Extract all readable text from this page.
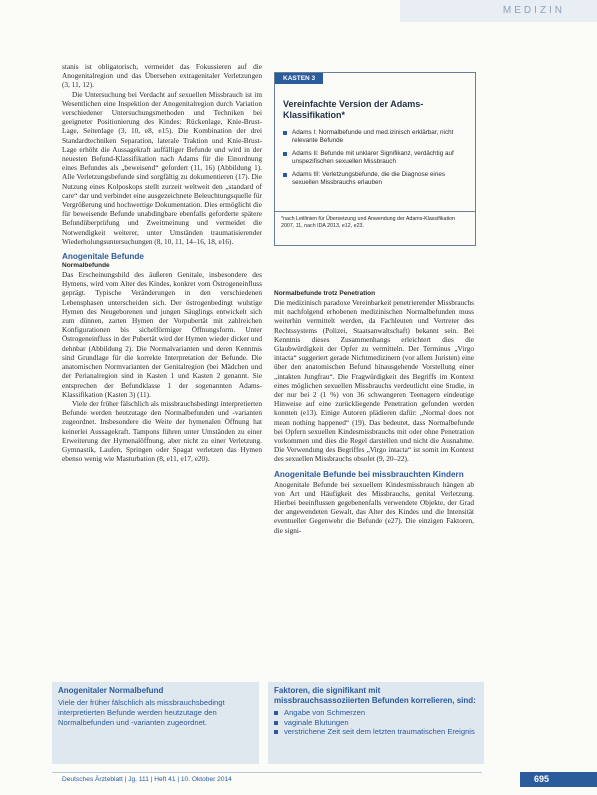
MEDIZIN

stanis ist obligatorisch, vermeidet das Fokussieren auf die Anogenitalregion und das Übersehen extragenitaler Verletzungen (3, 11, 12).

Die Untersuchung bei Verdacht auf sexuellen Missbrauch ist im Wesentlichen eine Inspektion der Anogenitalregion durch Variation verschiedener Untersuchungsmethoden und Techniken bei geeigneter Positionierung des Kindes: Rückenlage, Knie-Brust-Lage, Seitenlage (3, 10, e8, e15). Die Kombination der drei Standardtechniken Separation, laterale Traktion und Knie-Brust-Lage erhöht die Aussagekraft auffälliger Befunde und wird in der neuesten Befund-Klassifikation nach Adams für die Einordnung eines Befundes als „beweisend“ gefordert (11, 16) (Abbildung 1). Alle Verletzungsbefunde sind sorgfältig zu dokumentieren (17). Die Nutzung eines Kolposkops stellt zurzeit weltweit den „standard of care“ dar und verbindet eine ausgezeichnete Beleuchtungsquelle für Vergrößerung und hochwertige Dokumentation. Dies ermöglicht die für beweisende Befunde unabdingbare ebenfalls geforderte spätere Befundüberprüfung und Zweitmeinung und vermeidet die Notwendigkeit weiterer, unter Umständen traumatisierender Wiederholungsuntersuchungen (8, 10, 11, 14–16, 18, e16).

Anogenitale Befunde
Normalbefunde

Das Erscheinungsbild des äußeren Genitale, insbesondere des Hymens, wird vom Alter des Kindes, konkret vom Östrogeneinfluss geprägt. Typische Veränderungen in den verschiedenen Lebensphasen unterscheiden sich. Der östrogenbedingt wulstige Hymen des Neugeborenen und jungen Säuglings entwickelt sich zum dünnen, zarten Hymen der Vorpubertät mit zahlreichen Konfigurationen bis sichelförmiger Öffnungsform. Unter Östrogeneinfluss in der Pubertät wird der Hymen wieder dicker und dehnbar (Abbildung 2). Die Normalvarianten und deren Kenntnis sind Grundlage für die korrekte Interpretation der Befunde. Die anatomischen Normvarianten der Genitalregion (bei Mädchen und der Perianalregion sind in Kasten 1 und Kasten 2 genannt. Sie entsprechen der Befundklasse 1 der sogenannten Adams-Klassifikation (Kasten 3) (11).

Viele der früher fälschlich als missbrauchsbedingt interpretierten Befunde werden heutzutage den Normalbefunden und -varianten zugeordnet. Insbesondere die Weite der hymenalen Öffnung hat keinerlei Aussagekraft. Tampons führen unter Umständen zu einer Erweiterung der Hymenalöffnung, aber nicht zu einer Verletzung. Gymnastik, Laufen, Springen oder Spagat verletzen das Hymen ebenso wenig wie Masturbation (8, e11, e17, e20).

KASTEN 3
Vereinfachte Version der Adams-Klassifikation*
Adams I: Normalbefunde und med.izinisch erklärbar, nicht relevante Befunde
Adams II: Befunde mit unklarer Signifikanz, verdächtig auf unspezifischen sexuellen Missbrauch
Adams III: Verletzungsbefunde, die die Diagnose eines sexuellen Missbrauchs erlauben
*nach Leitlinien für Übersetzung und Anwendung der Adams-Klassifikation 2007, 11, nach IDA 2013, e12, e23.
Normalbefunde trotz Penetration

Die medizinisch paradoxe Vereinbarkeit penetrierender Missbrauchs mit nachfolgend erhobenen medizinischen Normalbefunden muss weiterhin vermittelt werden, da Fachleuten und Vertreter des Rechtssystems (Polizei, Staatsanwaltschaft) bekannt sein. Bei Kenntnis dieses Zusammenhangs erleichtert dies die Glaubwürdigkeit der Opfer zu vermitteln. Der Terminus „Virgo intacta“ suggeriert gerade Nichtmedizinern (vor allem Juristen) eine über den anatomischen Befund hinausgehende Vorstellung einer „intakten Jungfrau“. Die Fragwürdigkeit des Begriffs im Kontext eines möglichen sexuellen Missbrauchs verdeutlicht eine Studie, in der nur bei 2 (1 %) von 36 schwangeren Teenagern eindeutige Hinweise auf eine zurückliegende Penetration gefunden werden konnten (e13). Einige Autoren plädieren dafür: „Normal does not mean nothing happened“ (19). Das bedeutet, dass Normalbefunde bei Opfern sexuellen Kindesmissbrauchs mit oder ohne Penetration vorkommen und dies die Regel darstellen und nicht die Ausnahme. Die Verwendung des Begriffes „Virgo intacta“ ist somit im Kontext des sexuellen Missbrauchs obsolet (9, 20–22).

Anogenitale Befunde bei missbrauchten Kindern

Anogenitale Befunde bei sexuellem Kindesmissbrauch hängen ab von Art und Häufigkeit des Missbrauchs, genital Verletzung. Hierbei beeinflussen gegebenenfalls verwendete Objekte, der Grad der angewendeten Gewalt, das Alter des Kindes und die Intensität eventueller Gegenwehr die Befunde (e27). Die einzigen Faktoren, die signi-

Anogenitaler Normalbefund
Viele der früher fälschlich als missbrauchsbedingt interpretierten Befunde werden heutzutage den Normalbefunden und -varianten zugeordnet.
Faktoren, die signifikant mit missbrauchsassoziierten Befunden korrelieren, sind:
Angabe von Schmerzen
vaginale Blutungen
verstrichene Zeit seit dem letzten traumatischen Ereignis
Deutsches Ärzteblatt | Jg. 111 | Heft 41 | 10. Oktober 2014	695
